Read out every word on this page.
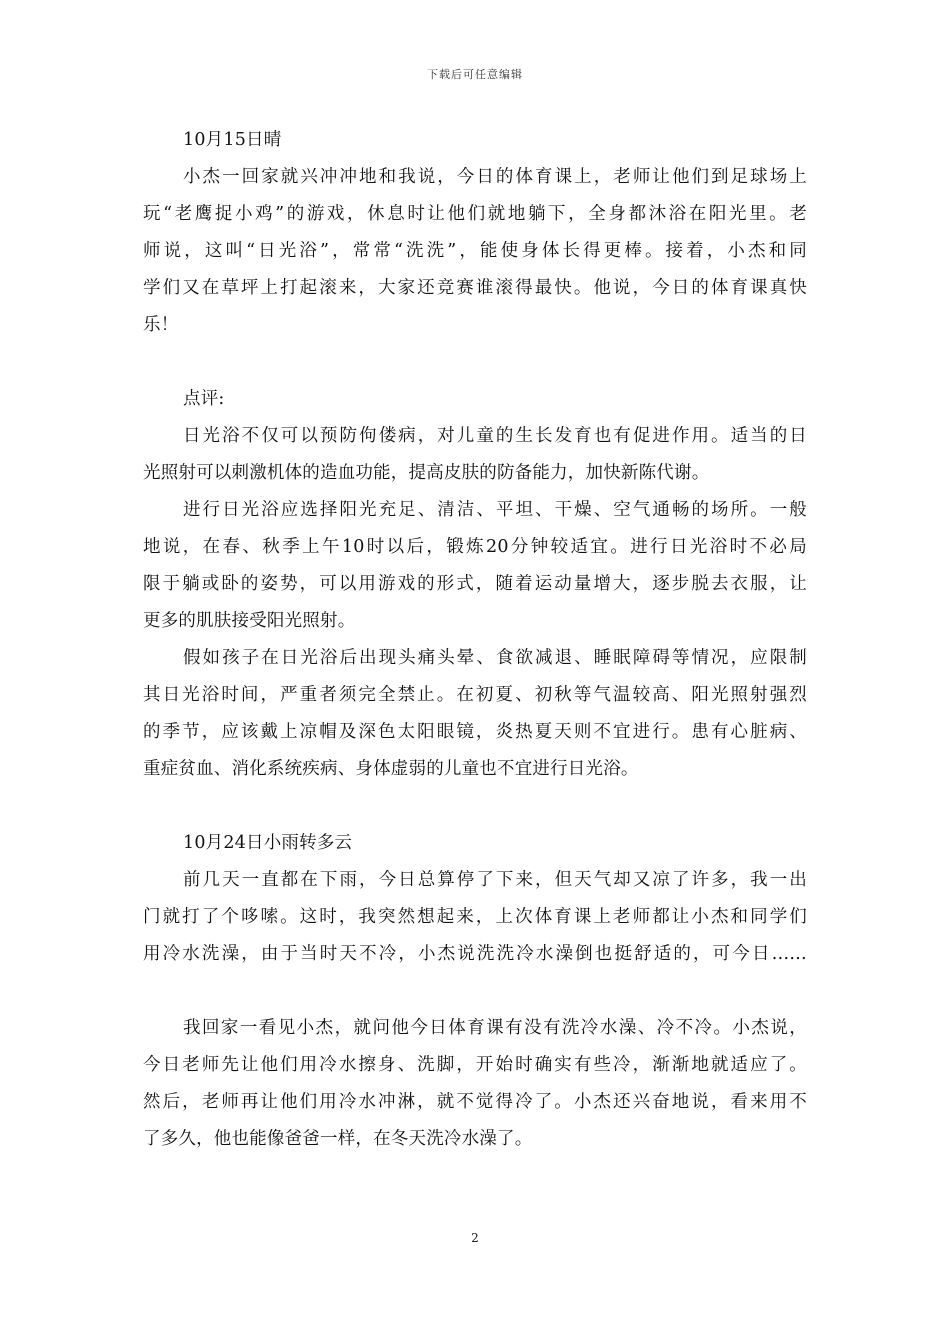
下载后可任意编辑
10月15日晴
小杰一回家就兴冲冲地和我说，今日的体育课上，老师让他们到足球场上
玩“老鹰捉小鸡”的游戏，休息时让他们就地躺下，全身都沐浴在阳光里。老
师说，这叫“日光浴”，常常“洗洗”，能使身体长得更棒。接着，小杰和同
学们又在草坪上打起滚来，大家还竞赛谁滚得最快。他说，今日的体育课真快
乐！
点评:
日光浴不仅可以预防佝偻病，对儿童的生长发育也有促进作用。适当的日
光照射可以刺激机体的造血功能，提高皮肤的防备能力，加快新陈代谢。
进行日光浴应选择阳光充足、清洁、平坦、干燥、空气通畅的场所。一般
地说，在春、秋季上午10时以后，锻炼20分钟较适宜。进行日光浴时不必局
限于躺或卧的姿势，可以用游戏的形式，随着运动量增大，逐步脱去衣服，让
更多的肌肤接受阳光照射。
假如孩子在日光浴后出现头痛头晕、食欲减退、睡眠障碍等情况，应限制
其日光浴时间，严重者须完全禁止。在初夏、初秋等气温较高、阳光照射强烈
的季节，应该戴上凉帽及深色太阳眼镜，炎热夏天则不宜进行。患有心脏病、
重症贫血、消化系统疾病、身体虚弱的儿童也不宜进行日光浴。
10月24日小雨转多云
前几天一直都在下雨，今日总算停了下来，但天气却又凉了许多，我一出
门就打了个哆嗦。这时，我突然想起来，上次体育课上老师都让小杰和同学们
用冷水洗澡，由于当时天不冷，小杰说洗洗冷水澡倒也挺舒适的，可今日……
我回家一看见小杰，就问他今日体育课有没有洗冷水澡、冷不冷。小杰说，
今日老师先让他们用冷水擦身、洗脚，开始时确实有些冷，渐渐地就适应了。
然后，老师再让他们用冷水冲淋，就不觉得冷了。小杰还兴奋地说，看来用不
了多久，他也能像爸爸一样，在冬天洗冷水澡了。
2
